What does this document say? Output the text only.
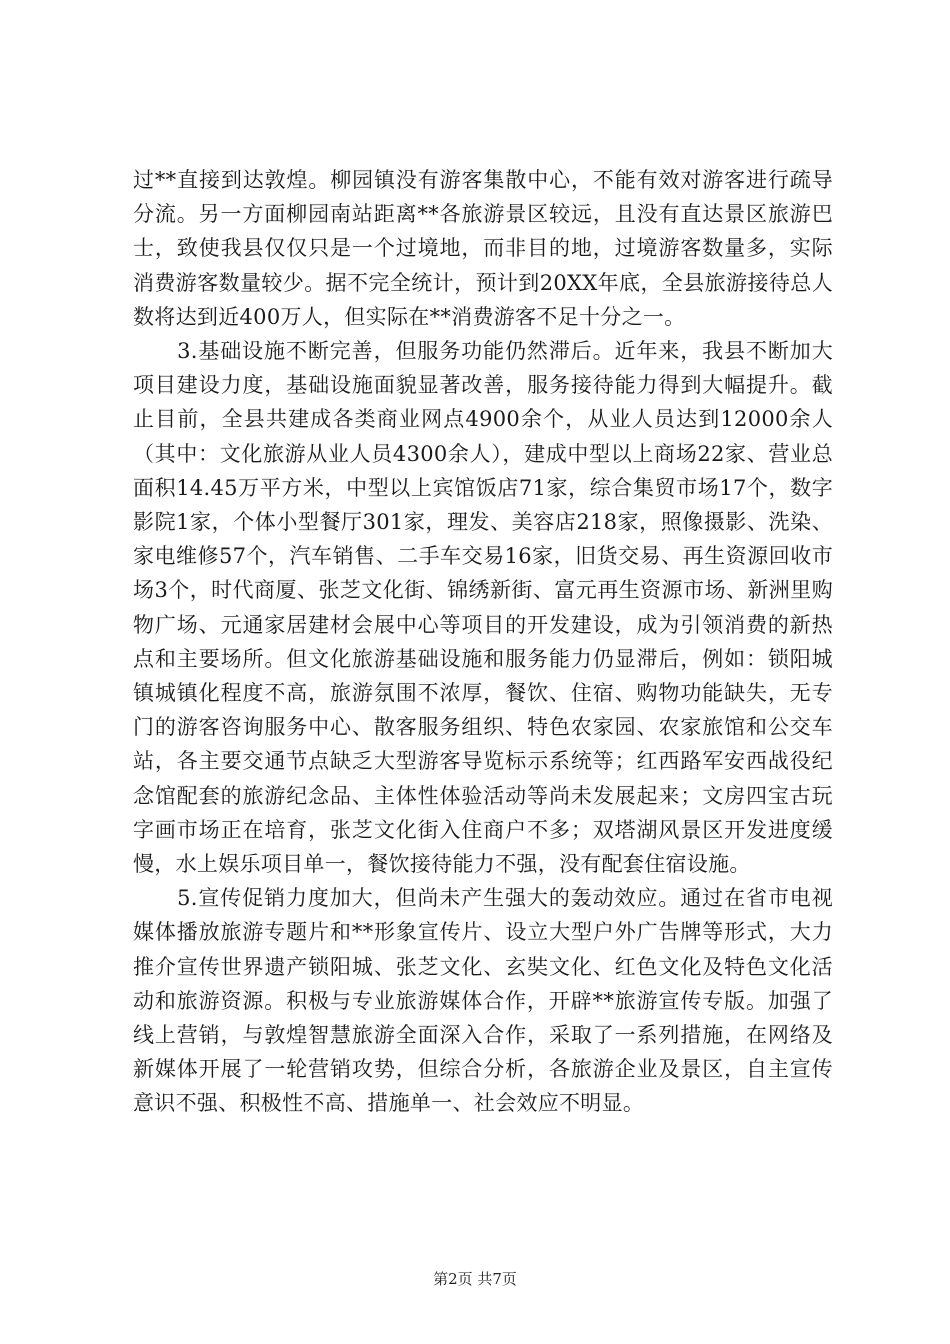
过**直接到达敦煌。柳园镇没有游客集散中心，不能有效对游客进行疏导分流。另一方面柳园南站距离**各旅游景区较远，且没有直达景区旅游巴士，致使我县仅仅只是一个过境地，而非目的地，过境游客数量多，实际消费游客数量较少。据不完全统计，预计到20XX年底，全县旅游接待总人数将达到近400万人，但实际在**消费游客不足十分之一。

3.基础设施不断完善，但服务功能仍然滞后。近年来，我县不断加大项目建设力度，基础设施面貌显著改善，服务接待能力得到大幅提升。截止目前，全县共建成各类商业网点4900余个，从业人员达到12000余人（其中：文化旅游从业人员4300余人），建成中型以上商场22家、营业总面积14.45万平方米，中型以上宾馆饭店71家，综合集贸市场17个，数字影院1家，个体小型餐厅301家，理发、美容店218家，照像摄影、洗染、家电维修57个，汽车销售、二手车交易16家，旧货交易、再生资源回收市场3个，时代商厦、张芝文化街、锦绣新街、富元再生资源市场、新洲里购物广场、元通家居建材会展中心等项目的开发建设，成为引领消费的新热点和主要场所。但文化旅游基础设施和服务能力仍显滞后，例如：锁阳城镇城镇化程度不高，旅游氛围不浓厚，餐饮、住宿、购物功能缺失，无专门的游客咨询服务中心、散客服务组织、特色农家园、农家旅馆和公交车站，各主要交通节点缺乏大型游客导览标示系统等；红西路军安西战役纪念馆配套的旅游纪念品、主体性体验活动等尚未发展起来；文房四宝古玩字画市场正在培育，张芝文化街入住商户不多；双塔湖风景区开发进度缓慢，水上娱乐项目单一，餐饮接待能力不强，没有配套住宿设施。

5.宣传促销力度加大，但尚未产生强大的轰动效应。通过在省市电视媒体播放旅游专题片和**形象宣传片、设立大型户外广告牌等形式，大力推介宣传世界遗产锁阳城、张芝文化、玄奘文化、红色文化及特色文化活动和旅游资源。积极与专业旅游媒体合作，开辟**旅游宣传专版。加强了线上营销，与敦煌智慧旅游全面深入合作，采取了一系列措施，在网络及新媒体开展了一轮营销攻势，但综合分析，各旅游企业及景区，自主宣传意识不强、积极性不高、措施单一、社会效应不明显。

第2页 共7页
